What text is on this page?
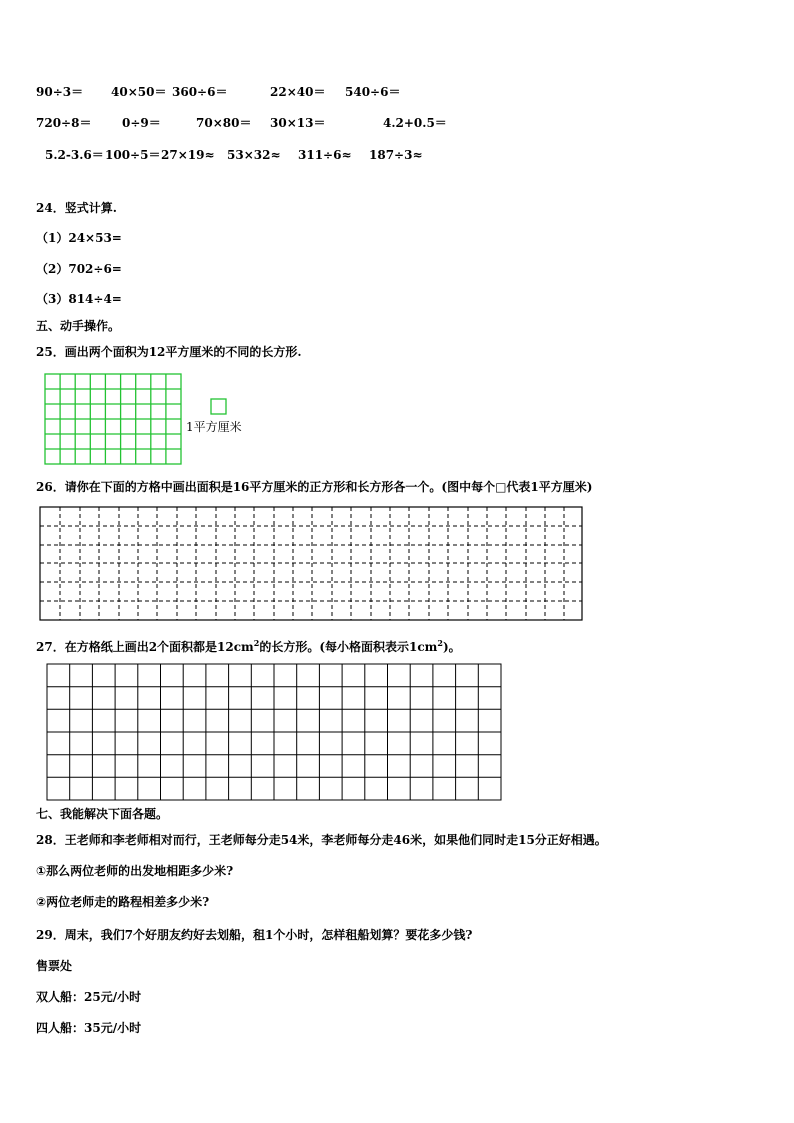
90÷3＝ 40×50＝ 360÷6＝	22×40＝ 540÷6＝
720÷8＝	0÷9＝	70×80＝ 30×13＝	4.2+0.5＝
5.2-3.6＝ 100÷5＝ 27×19≈ 53×32≈ 311÷6≈ 187÷3≈
24．竖式计算.
（1）24×53=
（2）702÷6=
（3）814÷4=
五、动手操作。
25．画出两个面积为12平方厘米的不同的长方形.
1平方厘米
26．请你在下面的方格中画出面积是16平方厘米的正方形和长方形各一个。(图中每个□代表1平方厘米)
27．在方格纸上画出2个面积都是$12cm^2$的长方形。(每小格面积表示$1cm^2$)。
七、我能解决下面各题。
28．王老师和李老师相对而行，王老师每分走54米，李老师每分走46米，如果他们同时走15分正好相遇。
①那么两位老师的出发地相距多少米?
②两位老师走的路程相差多少米?
29．周末，我们7个好朋友约好去划船，租1个小时，怎样租船划算？要花多少钱?
售票处
双人船：25元/小时
四人船：35元/小时
